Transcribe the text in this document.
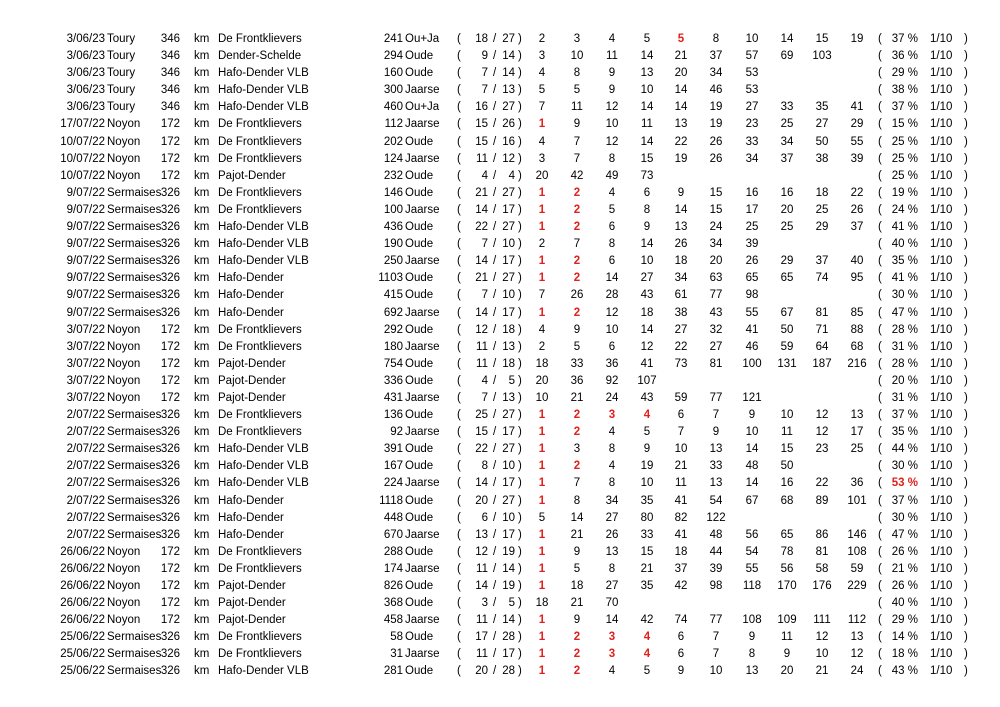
3/06/23 Toury 346 km De Frontklievers	241 Ou+Ja ( 18 / 27 )	2	3	4	5	5	8	10	14	15	19	( 37 % 1/10 )
3/06/23 Toury 346 km Dender-Schelde	294 Oude ( 9 / 14 )	3	10	11	14	21	37	57	69	103	( 36 % 1/10 )
3/06/23 Toury 346 km Hafo-Dender VLB	160 Oude ( 7 / 14 )	4	8	9	13	20	34	53	( 29 % 1/10 )
3/06/23 Toury 346 km Hafo-Dender VLB	300 Jaarse ( 7 / 13 )	5	5	9	10	14	46	53	( 38 % 1/10 )
3/06/23 Toury 346 km Hafo-Dender VLB	460 Ou+Ja ( 16 / 27 )	7	11	12	14	14	19	27	33	35	41	( 37 % 1/10 )
17/07/22 Noyon 172 km De Frontklievers	112 Jaarse ( 15 / 26 )	1	9	10	11	13	19	23	25	27	29	( 15 % 1/10 )
10/07/22 Noyon 172 km De Frontklievers	202 Oude ( 15 / 16 )	4	7	12	14	22	26	33	34	50	55	( 25 % 1/10 )
10/07/22 Noyon 172 km De Frontklievers	124 Jaarse ( 11 / 12 )	3	7	8	15	19	26	34	37	38	39	( 25 % 1/10 )
10/07/22 Noyon 172 km Pajot-Dender	232 Oude ( 4 / 4 )	20	42	49	73	( 25 % 1/10 )
9/07/22 Sermaises 326 km De Frontklievers	146 Oude ( 21 / 27 )	1	2	4	6	9	15	16	16	18	22	( 19 % 1/10 )
9/07/22 Sermaises 326 km De Frontklievers	100 Jaarse ( 14 / 17 )	1	2	5	8	14	15	17	20	25	26	( 24 % 1/10 )
9/07/22 Sermaises 326 km Hafo-Dender VLB	436 Oude ( 22 / 27 )	1	2	6	9	13	24	25	25	29	37	( 41 % 1/10 )
9/07/22 Sermaises 326 km Hafo-Dender VLB	190 Oude ( 7 / 10 )	2	7	8	14	26	34	39	( 40 % 1/10 )
9/07/22 Sermaises 326 km Hafo-Dender VLB	250 Jaarse ( 14 / 17 )	1	2	6	10	18	20	26	29	37	40	( 35 % 1/10 )
9/07/22 Sermaises 326 km Hafo-Dender	1103 Oude ( 21 / 27 )	1	2	14	27	34	63	65	65	74	95	( 41 % 1/10 )
9/07/22 Sermaises 326 km Hafo-Dender	415 Oude ( 7 / 10 )	7	26	28	43	61	77	98	( 30 % 1/10 )
9/07/22 Sermaises 326 km Hafo-Dender	692 Jaarse ( 14 / 17 )	1	2	12	18	38	43	55	67	81	85	( 47 % 1/10 )
3/07/22 Noyon 172 km De Frontklievers	292 Oude ( 12 / 18 )	4	9	10	14	27	32	41	50	71	88	( 28 % 1/10 )
3/07/22 Noyon 172 km De Frontklievers	180 Jaarse ( 11 / 13 )	2	5	6	12	22	27	46	59	64	68	( 31 % 1/10 )
3/07/22 Noyon 172 km Pajot-Dender	754 Oude ( 11 / 18 )	18	33	36	41	73	81	100	131	187	216 ( 28 % 1/10 )
3/07/22 Noyon 172 km Pajot-Dender	336 Oude ( 4 / 5 )	20	36	92	107	( 20 % 1/10 )
3/07/22 Noyon 172 km Pajot-Dender	431 Jaarse ( 7 / 13 )	10	21	24	43	59	77	121	( 31 % 1/10 )
2/07/22 Sermaises 326 km De Frontklievers	136 Oude ( 25 / 27 )	1	2	3	4	6	7	9	10	12	13	( 37 % 1/10 )
2/07/22 Sermaises 326 km De Frontklievers	92 Jaarse ( 15 / 17 )	1	2	4	5	7	9	10	11	12	17	( 35 % 1/10 )
2/07/22 Sermaises 326 km Hafo-Dender VLB	391 Oude ( 22 / 27 )	1	3	8	9	10	13	14	15	23	25	( 44 % 1/10 )
2/07/22 Sermaises 326 km Hafo-Dender VLB	167 Oude ( 8 / 10 )	1	2	4	19	21	33	48	50	( 30 % 1/10 )
2/07/22 Sermaises 326 km Hafo-Dender VLB	224 Jaarse ( 14 / 17 )	1	7	8	10	11	13	14	16	22	36	( 53 % 1/10 )
2/07/22 Sermaises 326 km Hafo-Dender	1118 Oude ( 20 / 27 )	1	8	34	35	41	54	67	68	89	101 ( 37 % 1/10 )
2/07/22 Sermaises 326 km Hafo-Dender	448 Oude ( 6 / 10 )	5	14	27	80	82	122	( 30 % 1/10 )
2/07/22 Sermaises 326 km Hafo-Dender	670 Jaarse ( 13 / 17 )	1	21	26	33	41	48	56	65	86	146 ( 47 % 1/10 )
26/06/22 Noyon 172 km De Frontklievers	288 Oude ( 12 / 19 )	1	9	13	15	18	44	54	78	81	108 ( 26 % 1/10 )
26/06/22 Noyon 172 km De Frontklievers	174 Jaarse ( 11 / 14 )	1	5	8	21	37	39	55	56	58	59	( 21 % 1/10 )
26/06/22 Noyon 172 km Pajot-Dender	826 Oude ( 14 / 19 )	1	18	27	35	42	98	118	170	176	229 ( 26 % 1/10 )
26/06/22 Noyon 172 km Pajot-Dender	368 Oude ( 3 / 5 )	18	21	70	( 40 % 1/10 )
26/06/22 Noyon 172 km Pajot-Dender	458 Jaarse ( 11 / 14 )	1	9	14	42	74	77	108	109	111	112	( 29 % 1/10 )
25/06/22 Sermaises 326 km De Frontklievers	58 Oude ( 17 / 28 )	1	2	3	4	6	7	9	11	12	13	( 14 % 1/10 )
25/06/22 Sermaises 326 km De Frontklievers	31 Jaarse ( 11 / 17 )	1	2	3	4	6	7	8	9	10	12	( 18 % 1/10 )
25/06/22 Sermaises 326 km Hafo-Dender VLB	281 Oude ( 20 / 28 )	1	2	4	5	9	10	13	20	21	24	( 43 % 1/10 )
